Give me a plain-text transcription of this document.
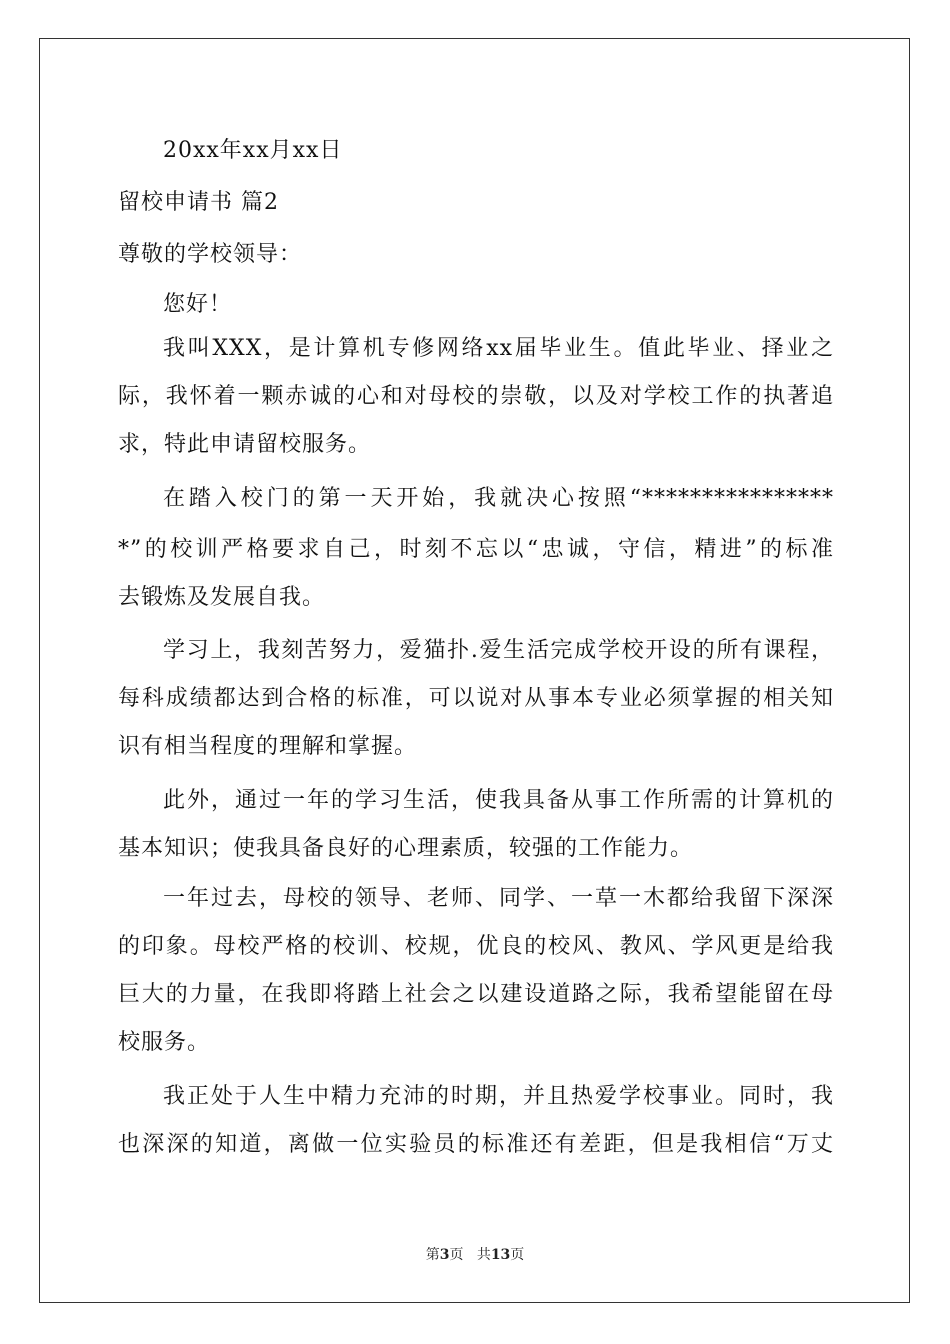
20xx年xx月xx日
留校申请书 篇2
尊敬的学校领导：
您好！
我叫XXX，是计算机专修网络xx届毕业生。值此毕业、择业之
际，我怀着一颗赤诚的心和对母校的崇敬，以及对学校工作的执著追
求，特此申请留校服务。
在踏入校门的第一天开始，我就决心按照“****************
*”的校训严格要求自己，时刻不忘以“忠诚，守信，精进”的标准
去锻炼及发展自我。
学习上，我刻苦努力，爱猫扑.爱生活完成学校开设的所有课程，
每科成绩都达到合格的标准，可以说对从事本专业必须掌握的相关知
识有相当程度的理解和掌握。
此外，通过一年的学习生活，使我具备从事工作所需的计算机的
基本知识；使我具备良好的心理素质，较强的工作能力。
一年过去，母校的领导、老师、同学、一草一木都给我留下深深
的印象。母校严格的校训、校规，优良的校风、教风、学风更是给我
巨大的力量，在我即将踏上社会之以建设道路之际，我希望能留在母
校服务。
我正处于人生中精力充沛的时期，并且热爱学校事业。同时，我
也深深的知道，离做一位实验员的标准还有差距，但是我相信“万丈
第3页 共13页
